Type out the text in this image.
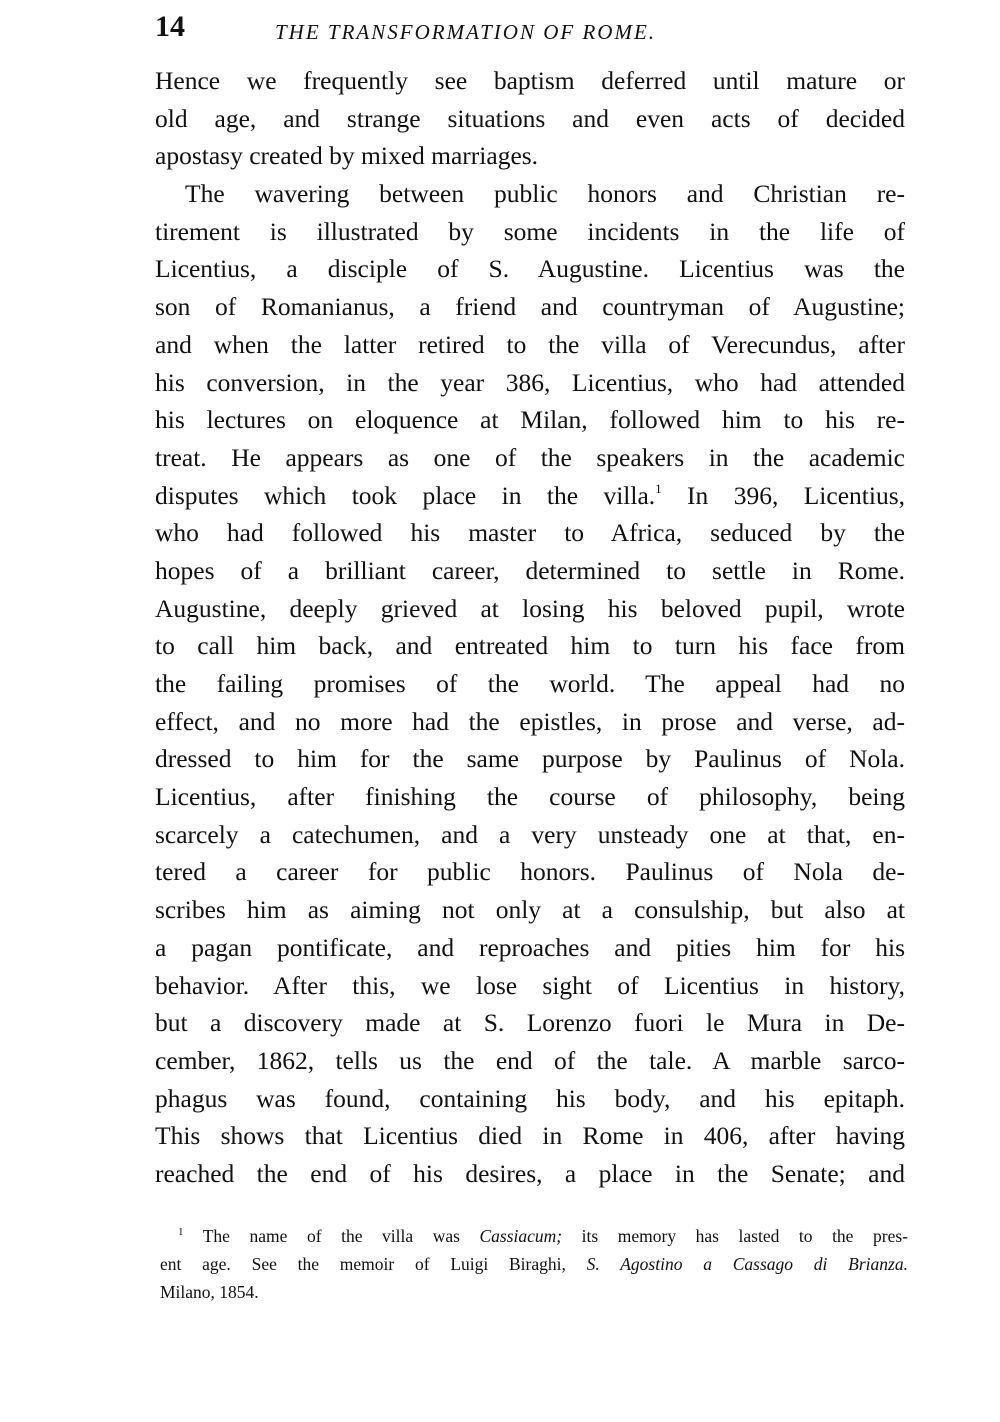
14	THE TRANSFORMATION OF ROME.
Hence we frequently see baptism deferred until mature or
old age, and strange situations and even acts of decided
apostasy created by mixed marriages.
The wavering between public honors and Christian re-
tirement is illustrated by some incidents in the life of
Licentius, a disciple of S. Augustine. Licentius was the
son of Romanianus, a friend and countryman of Augustine;
and when the latter retired to the villa of Verecundus, after
his conversion, in the year 386, Licentius, who had attended
his lectures on eloquence at Milan, followed him to his re-
treat. He appears as one of the speakers in the academic
disputes which took place in the villa.$^1$ In 396, Licentius,
who had followed his master to Africa, seduced by the
hopes of a brilliant career, determined to settle in Rome.
Augustine, deeply grieved at losing his beloved pupil, wrote
to call him back, and entreated him to turn his face from
the failing promises of the world. The appeal had no
effect, and no more had the epistles, in prose and verse, ad-
dressed to him for the same purpose by Paulinus of Nola.
Licentius, after finishing the course of philosophy, being
scarcely a catechumen, and a very unsteady one at that, en-
tered a career for public honors. Paulinus of Nola de-
scribes him as aiming not only at a consulship, but also at
a pagan pontificate, and reproaches and pities him for his
behavior. After this, we lose sight of Licentius in history,
but a discovery made at S. Lorenzo fuori le Mura in De-
cember, 1862, tells us the end of the tale. A marble sarco-
phagus was found, containing his body, and his epitaph.
This shows that Licentius died in Rome in 406, after having
reached the end of his desires, a place in the Senate; and
$^1$ The name of the villa was Cassiacum; its memory has lasted to the pres-
ent age. See the memoir of Luigi Biraghi, S. Agostino a Cassago di Brianza.
Milano, 1854.
